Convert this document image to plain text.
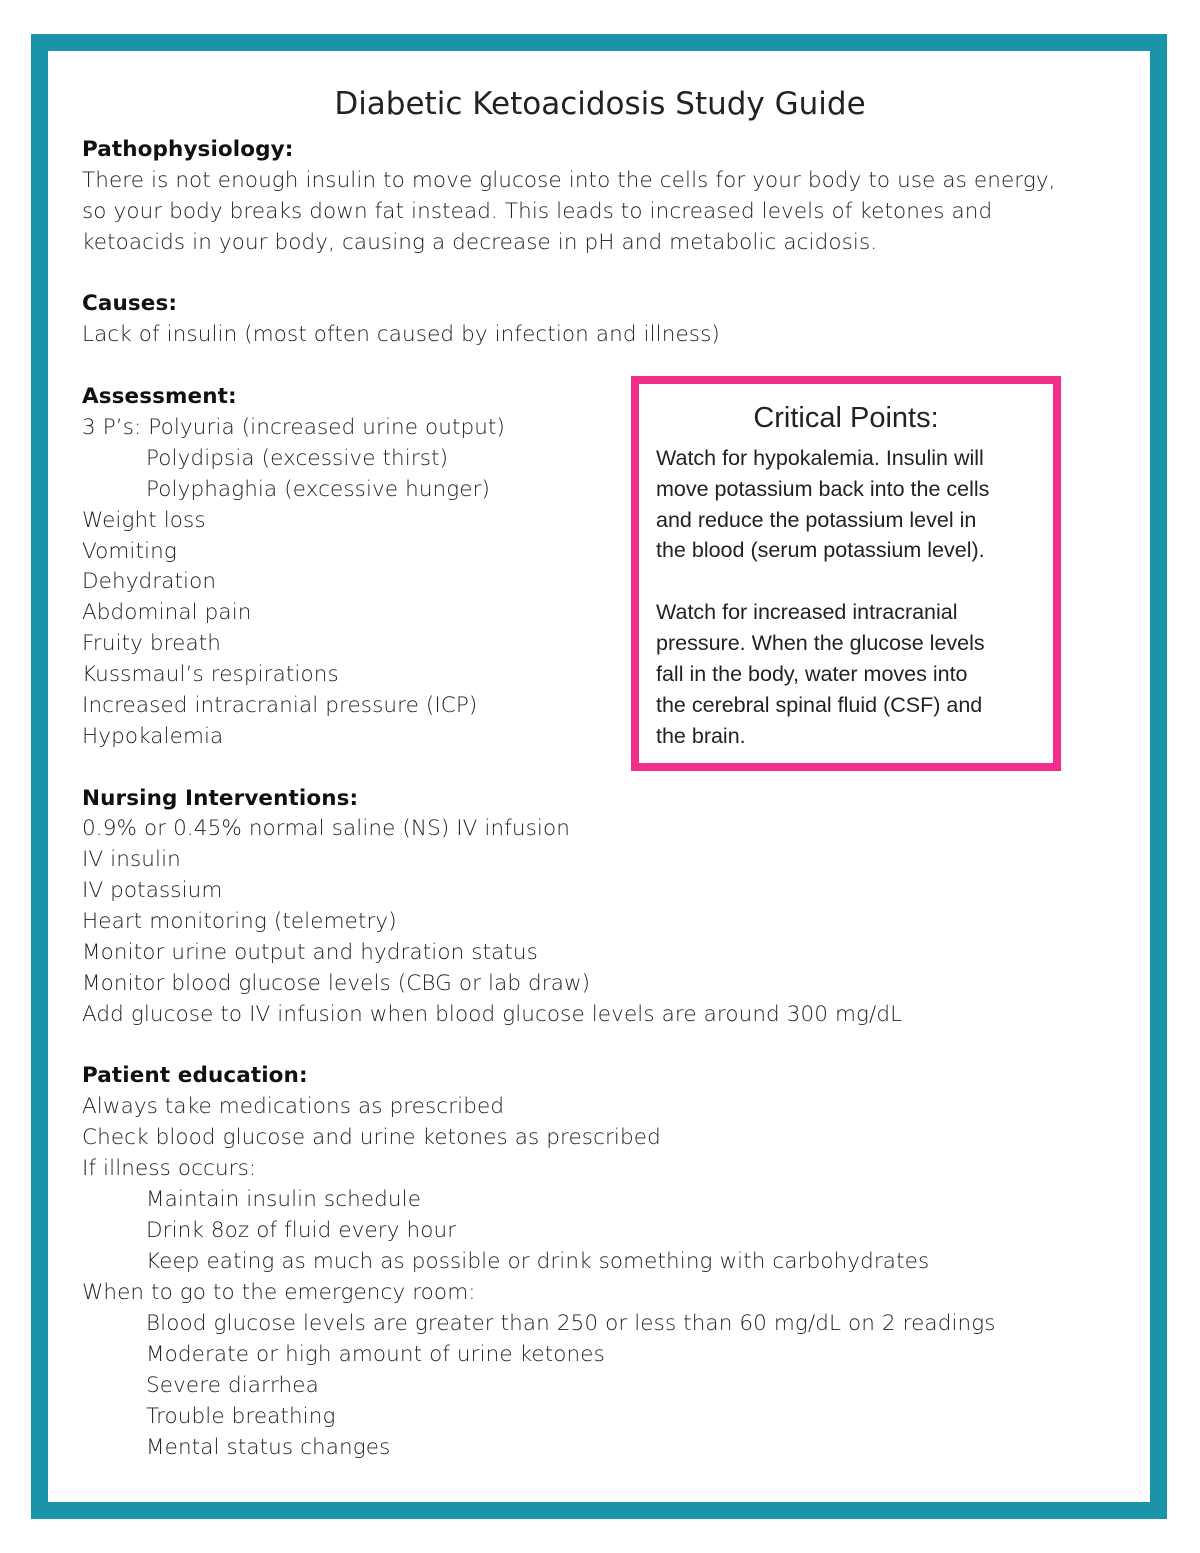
Diabetic Ketoacidosis Study Guide
Pathophysiology:
There is not enough insulin to move glucose into the cells for your body to use as energy,
so your body breaks down fat instead. This leads to increased levels of ketones and
ketoacids in your body, causing a decrease in pH and metabolic acidosis.
Causes:
Lack of insulin (most often caused by infection and illness)
Assessment:
3 P’s: Polyuria (increased urine output)
Polydipsia (excessive thirst)
Polyphaghia (excessive hunger)
Weight loss
Vomiting
Dehydration
Abdominal pain
Fruity breath
Kussmaul’s respirations
Increased intracranial pressure (ICP)
Hypokalemia
Critical Points:
Watch for hypokalemia. Insulin will
move potassium back into the cells
and reduce the potassium level in
the blood (serum potassium level).
Watch for increased intracranial
pressure. When the glucose levels
fall in the body, water moves into
the cerebral spinal fluid (CSF) and
the brain.
Nursing Interventions:
0.9% or 0.45% normal saline (NS) IV infusion
IV insulin
IV potassium
Heart monitoring (telemetry)
Monitor urine output and hydration status
Monitor blood glucose levels (CBG or lab draw)
Add glucose to IV infusion when blood glucose levels are around 300 mg/dL
Patient education:
Always take medications as prescribed
Check blood glucose and urine ketones as prescribed
If illness occurs:
Maintain insulin schedule
Drink 8oz of fluid every hour
Keep eating as much as possible or drink something with carbohydrates
When to go to the emergency room:
Blood glucose levels are greater than 250 or less than 60 mg/dL on 2 readings
Moderate or high amount of urine ketones
Severe diarrhea
Trouble breathing
Mental status changes
